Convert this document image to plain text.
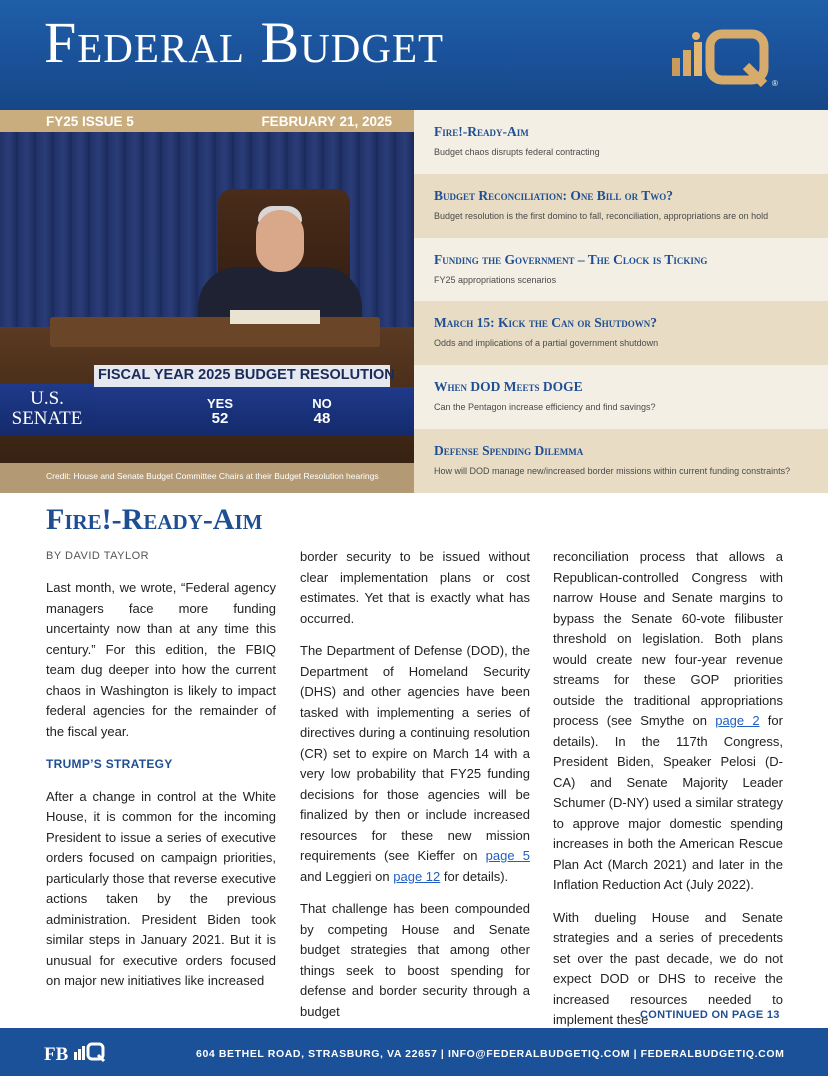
Federal Budget
®
FY25 ISSUE 5	FEBRUARY 21, 2025
FISCAL YEAR 2025 BUDGET RESOLUTION
U.S.
SENATE
YES
52
NO
48
Credit: House and Senate Budget Committee Chairs at their Budget Resolution hearings
Fire!-Ready-Aim
Budget chaos disrupts federal contracting
Budget Reconciliation: One Bill or Two?
Budget resolution is the first domino to fall, reconciliation, appropriations are on hold
Funding the Government – The Clock is Ticking
FY25 appropriations scenarios
March 15: Kick the Can or Shutdown?
Odds and implications of a partial government shutdown
When DOD Meets DOGE
Can the Pentagon increase efficiency and find savings?
Defense Spending Dilemma
How will DOD manage new/increased border missions within current funding constraints?
Fire!-Ready-Aim
BY DAVID TAYLOR

Last month, we wrote, “Federal agency managers face more funding uncertainty now than at any time this century.” For this edition, the FBIQ team dug deeper into how the current chaos in Washington is likely to impact federal agencies for the remainder of the fiscal year.

TRUMP’S STRATEGY

After a change in control at the White House, it is common for the incoming President to issue a series of executive orders focused on campaign priorities, particularly those that reverse executive actions taken by the previous administration. President Biden took similar steps in January 2021. But it is unusual for executive orders focused on major new initiatives like increased

border security to be issued without clear implementation plans or cost estimates. Yet that is exactly what has occurred.

The Department of Defense (DOD), the Department of Homeland Security (DHS) and other agencies have been tasked with implementing a series of directives during a continuing resolution (CR) set to expire on March 14 with a very low probability that FY25 funding decisions for those agencies will be finalized by then or include increased resources for these new mission requirements (see Kieffer on page 5 and Leggieri on page 12 for details).

That challenge has been compounded by competing House and Senate budget strategies that among other things seek to boost spending for defense and border security through a budget

reconciliation process that allows a Republican-controlled Congress with narrow House and Senate margins to bypass the Senate 60-vote filibuster threshold on legislation. Both plans would create new four-year revenue streams for these GOP priorities outside the traditional appropriations process (see Smythe on page 2 for details). In the 117th Congress, President Biden, Speaker Pelosi (D-CA) and Senate Majority Leader Schumer (D-NY) used a similar strategy to approve major domestic spending increases in both the American Rescue Plan Act (March 2021) and later in the Inflation Reduction Act (July 2022).

With dueling House and Senate strategies and a series of precedents set over the past decade, we do not expect DOD or DHS to receive the increased resources needed to implement these

CONTINUED ON PAGE 13
FB	604 BETHEL ROAD, STRASBURG, VA 22657 | INFO@FEDERALBUDGETIQ.COM | FEDERALBUDGETIQ.COM
